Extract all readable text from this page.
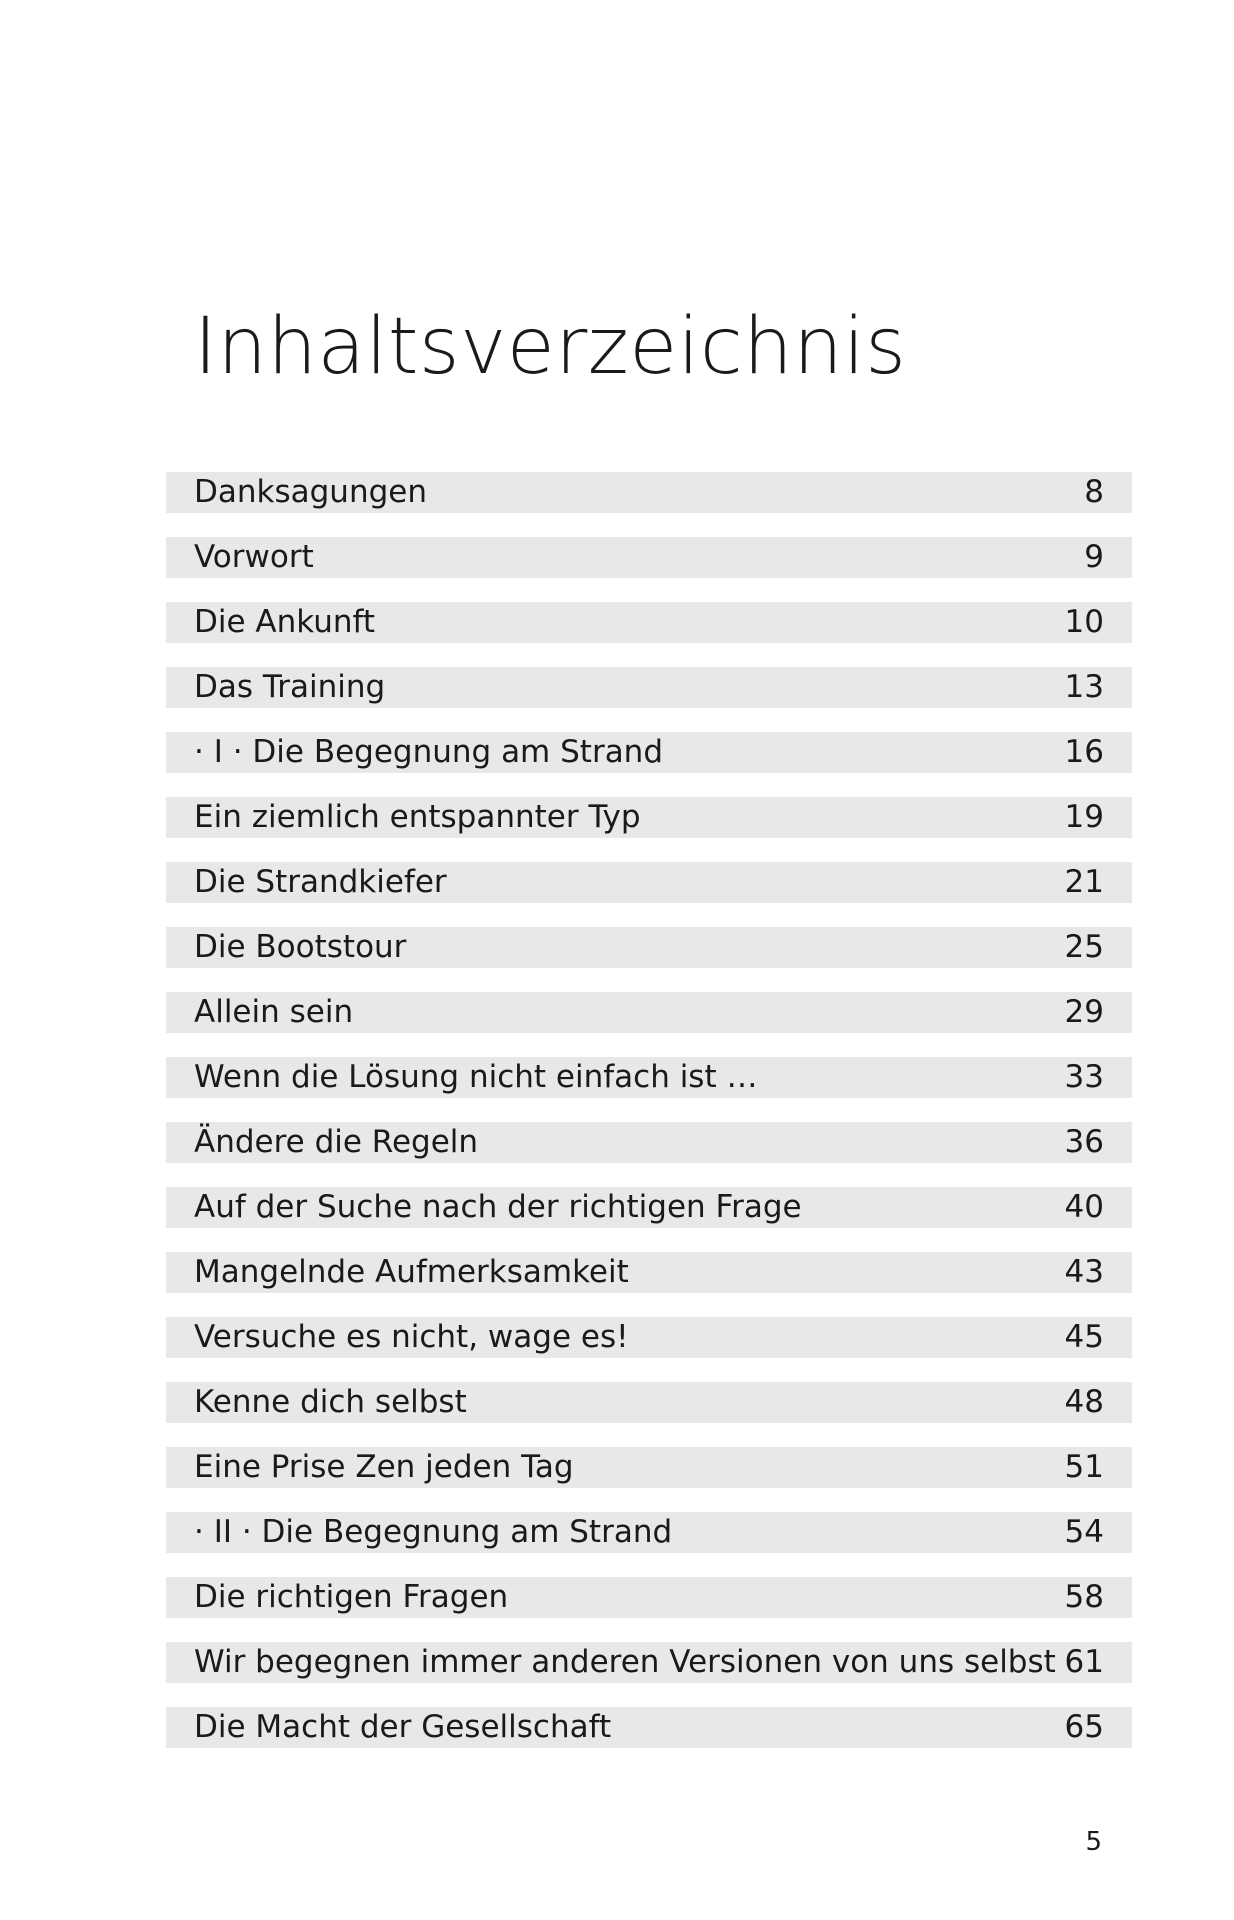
Inhaltsverzeichnis
Danksagungen	8
Vorwort	9
Die Ankunft	10
Das Training	13
· I · Die Begegnung am Strand	16
Ein ziemlich entspannter Typ	19
Die Strandkiefer	21
Die Bootstour	25
Allein sein	29
Wenn die Lösung nicht einfach ist …	33
Ändere die Regeln	36
Auf der Suche nach der richtigen Frage	40
Mangelnde Aufmerksamkeit	43
Versuche es nicht, wage es!	45
Kenne dich selbst	48
Eine Prise Zen jeden Tag	51
· II · Die Begegnung am Strand	54
Die richtigen Fragen	58
Wir begegnen immer anderen Versionen von uns selbst 61
Die Macht der Gesellschaft	65
5
